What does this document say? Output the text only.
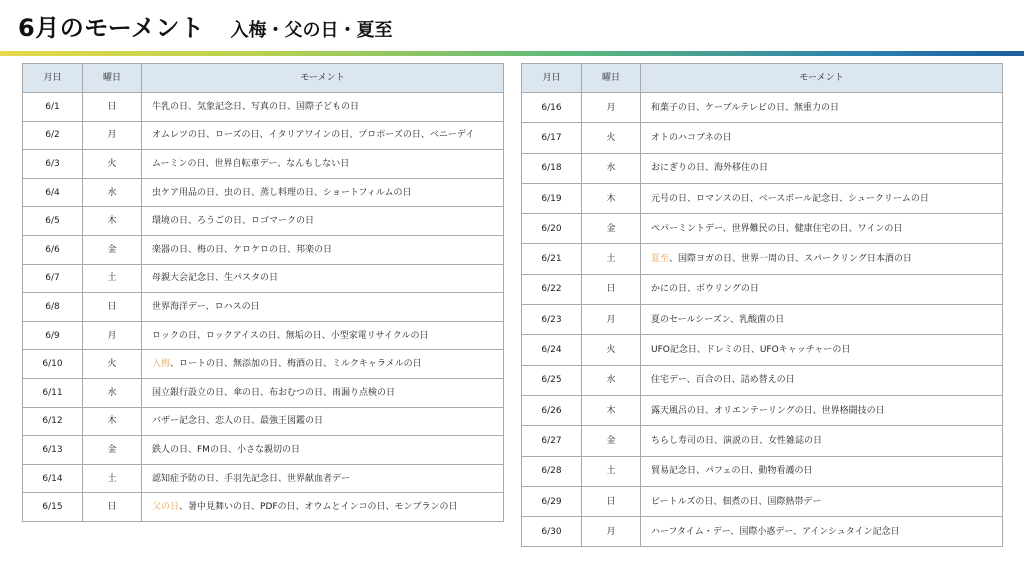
6月のモーメント 入梅・父の日・夏至
月日	曜日	モーメント
6/1	日	牛乳の日、気象記念日、写真の日、国際子どもの日
6/2	月	オムレツの日、ローズの日、イタリアワインの日、プロポーズの日、ベニーデイ
6/3	火	ムーミンの日、世界自転車デー、なんもしない日
6/4	水	虫ケア用品の日、虫の日、蒸し料理の日、ショートフィルムの日
6/5	木	環境の日、ろうごの日、ロゴマークの日
6/6	金	楽器の日、梅の日、ケロケロの日、邦楽の日
6/7	土	母親大会記念日、生パスタの日
6/8	日	世界海洋デー、ロハスの日
6/9	月	ロックの日、ロックアイスの日、無垢の日、小型家電リサイクルの日
6/10	火	入梅、ロートの日、無添加の日、梅酒の日、ミルクキャラメルの日
6/11	水	国立銀行設立の日、傘の日、布おむつの日、雨漏り点検の日
6/12	木	バザー記念日、恋人の日、最強王図鑑の日
6/13	金	鉄人の日、FMの日、小さな親切の日
6/14	土	認知症予防の日、手羽先記念日、世界献血者デー
6/15	日	父の日、暑中見舞いの日、PDFの日、オウムとインコの日、モンブランの日
月日	曜日	モーメント
6/16	月	和菓子の日、ケーブルテレビの日、無重力の日
6/17	火	オトのハコブネの日
6/18	水	おにぎりの日、海外移住の日
6/19	木	元号の日、ロマンスの日、ベースボール記念日、シュークリームの日
6/20	金	ペパーミントデー、世界難民の日、健康住宅の日、ワインの日
6/21	土	夏至、国際ヨガの日、世界一周の日、スパークリング日本酒の日
6/22	日	かにの日、ボウリングの日
6/23	月	夏のセールシーズン、乳酸菌の日
6/24	火	UFO記念日、ドレミの日、UFOキャッチャーの日
6/25	水	住宅デー、百合の日、詰め替えの日
6/26	木	露天風呂の日、オリエンテーリングの日、世界格闘技の日
6/27	金	ちらし寿司の日、演説の日、女性雑誌の日
6/28	土	貿易記念日、パフェの日、動物看護の日
6/29	日	ビートルズの日、佃煮の日、国際熱帯デー
6/30	月	ハーフタイム・デー、国際小惑デー、アインシュタイン記念日
